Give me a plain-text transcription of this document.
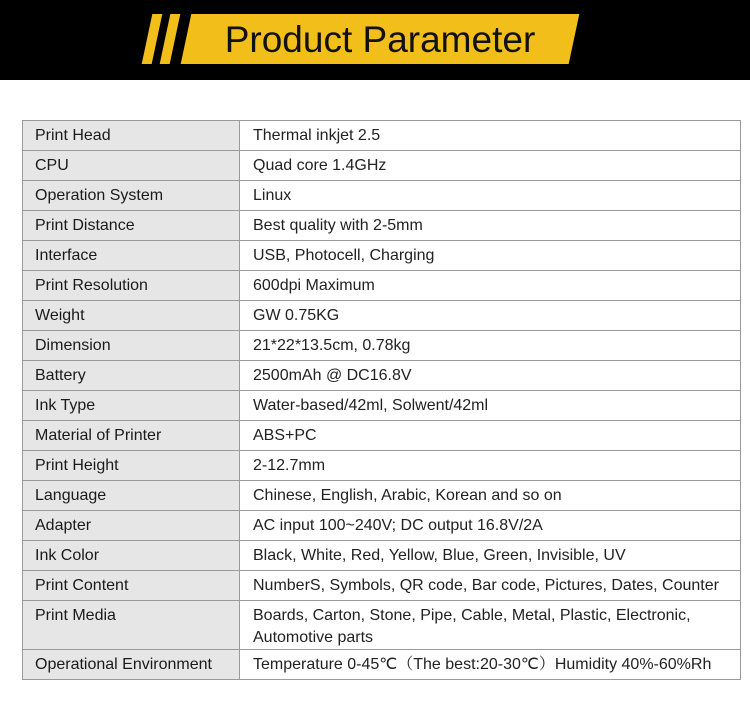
Product Parameter
Print Head	Thermal inkjet 2.5
CPU	Quad core 1.4GHz
Operation System	Linux
Print Distance	Best quality with 2-5mm
Interface	USB, Photocell, Charging
Print Resolution	600dpi Maximum
Weight	GW 0.75KG
Dimension	21*22*13.5cm, 0.78kg
Battery	2500mAh @ DC16.8V
Ink Type	Water-based/42ml, Solwent/42ml
Material of Printer	ABS+PC
Print Height	2-12.7mm
Language	Chinese, English, Arabic, Korean and so on
Adapter	AC input 100~240V; DC output 16.8V/2A
Ink Color	Black, White, Red, Yellow, Blue, Green, Invisible, UV
Print Content	NumberS, Symbols, QR code, Bar code, Pictures, Dates, Counter
Print Media	Boards, Carton, Stone, Pipe, Cable, Metal, Plastic, Electronic, Automotive parts
Operational Environment	Temperature 0-45℃（The best:20-30℃）Humidity 40%-60%Rh
